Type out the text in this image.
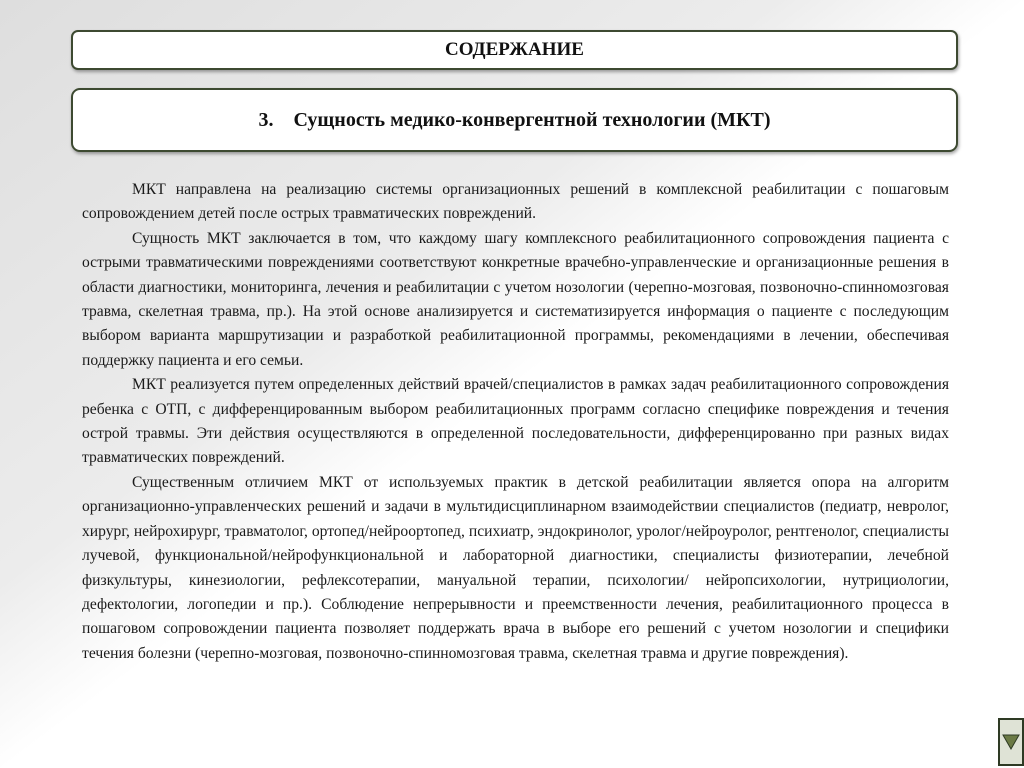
СОДЕРЖАНИЕ
3. Сущность медико-конвергентной технологии (МКТ)

МКТ направлена на реализацию системы организационных решений в комплексной реабилитации с пошаговым сопровождением детей после острых травматических повреждений.

Сущность МКТ заключается в том, что каждому шагу комплексного реабилитационного сопровождения пациента с острыми травматическими повреждениями соответствуют конкретные врачебно-управленческие и организационные решения в области диагностики, мониторинга, лечения и реабилитации с учетом нозологии (черепно-мозговая, позвоночно-спинномозговая травма, скелетная травма, пр.). На этой основе анализируется и систематизируется информация о пациенте с последующим выбором варианта маршрутизации и разработкой реабилитационной программы, рекомендациями в лечении, обеспечивая поддержку пациента и его семьи.

МКТ реализуется путем определенных действий врачей/специалистов в рамках задач реабилитационного сопровождения ребенка с ОТП, с дифференцированным выбором реабилитационных программ согласно специфике повреждения и течения острой травмы. Эти действия осуществляются в определенной последовательности, дифференцированно при разных видах травматических повреждений.

Существенным отличием МКТ от используемых практик в детской реабилитации является опора на алгоритм организационно-управленческих решений и задачи в мультидисциплинарном взаимодействии специалистов (педиатр, невролог, хирург, нейрохирург, травматолог, ортопед/нейроортопед, психиатр, эндокринолог, уролог/нейроуролог, рентгенолог, специалисты лучевой, функциональной/нейрофункциональной и лабораторной диагностики, специалисты физиотерапии, лечебной физкультуры, кинезиологии, рефлексотерапии, мануальной терапии, психологии/ нейропсихологии, нутрициологии, дефектологии, логопедии и пр.). Соблюдение непрерывности и преемственности лечения, реабилитационного процесса в пошаговом сопровождении пациента позволяет поддержать врача в выборе его решений с учетом нозологии и специфики течения болезни (черепно-мозговая, позвоночно-спинномозговая травма, скелетная травма и другие повреждения).
